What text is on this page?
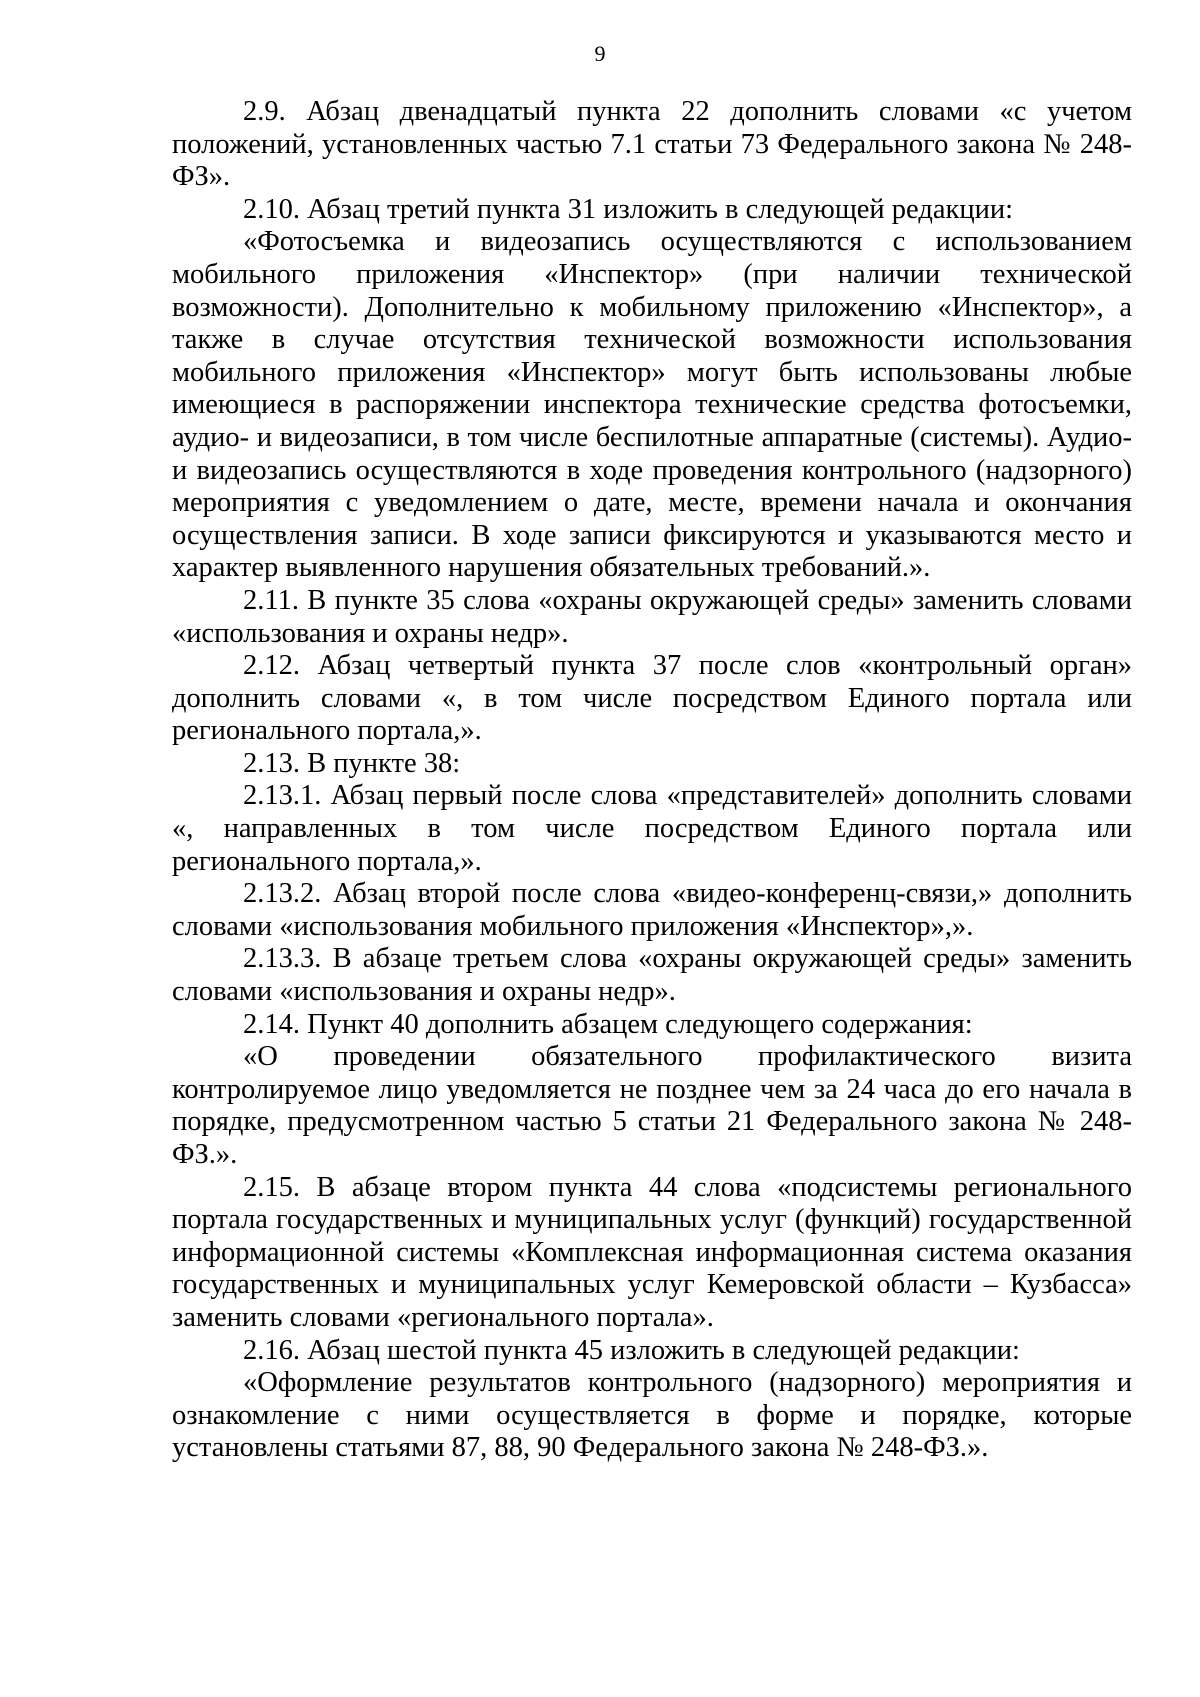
9

2.9. Абзац двенадцатый пункта 22 дополнить словами «с учетом положений, установленных частью 7.1 статьи 73 Федерального закона № 248-ФЗ».

2.10. Абзац третий пункта 31 изложить в следующей редакции:

«Фотосъемка и видеозапись осуществляются с использованием мобильного приложения «Инспектор» (при наличии технической возможности). Дополнительно к мобильному приложению «Инспектор», а также в случае отсутствия технической возможности использования мобильного приложения «Инспектор» могут быть использованы любые имеющиеся в распоряжении инспектора технические средства фотосъемки, аудио- и видеозаписи, в том числе беспилотные аппаратные (системы). Аудио- и видеозапись осуществляются в ходе проведения контрольного (надзорного) мероприятия с уведомлением о дате, месте, времени начала и окончания осуществления записи. В ходе записи фиксируются и указываются место и характер выявленного нарушения обязательных требований.».

2.11. В пункте 35 слова «охраны окружающей среды» заменить словами «использования и охраны недр».

2.12. Абзац четвертый пункта 37 после слов «контрольный орган» дополнить словами «, в том числе посредством Единого портала или регионального портала,».

2.13. В пункте 38:

2.13.1. Абзац первый после слова «представителей» дополнить словами «, направленных в том числе посредством Единого портала или регионального портала,».

2.13.2. Абзац второй после слова «видео-конференц-связи,» дополнить словами «использования мобильного приложения «Инспектор»,».

2.13.3. В абзаце третьем слова «охраны окружающей среды» заменить словами «использования и охраны недр».

2.14. Пункт 40 дополнить абзацем следующего содержания:

«О проведении обязательного профилактического визита контролируемое лицо уведомляется не позднее чем за 24 часа до его начала в порядке, предусмотренном частью 5 статьи 21 Федерального закона № 248-ФЗ.».

2.15. В абзаце втором пункта 44 слова «подсистемы регионального портала государственных и муниципальных услуг (функций) государственной информационной системы «Комплексная информационная система оказания государственных и муниципальных услуг Кемеровской области – Кузбасса» заменить словами «регионального портала».

2.16. Абзац шестой пункта 45 изложить в следующей редакции:

«Оформление результатов контрольного (надзорного) мероприятия и ознакомление с ними осуществляется в форме и порядке, которые установлены статьями 87, 88, 90 Федерального закона № 248-ФЗ.».
